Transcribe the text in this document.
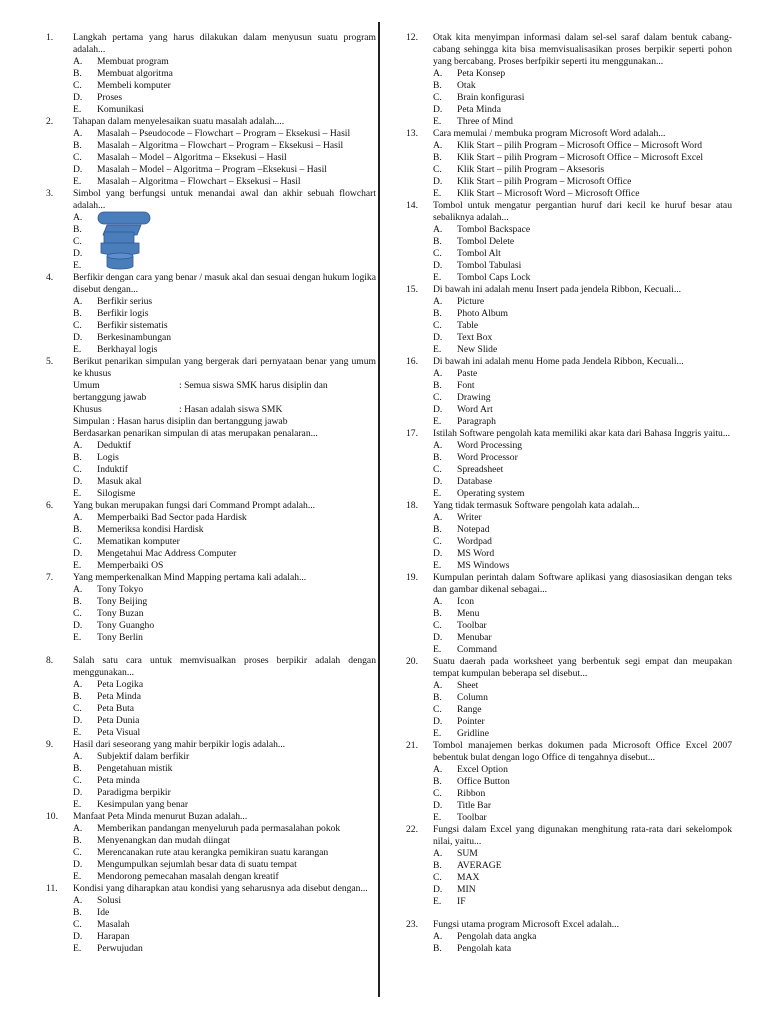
1. Langkah pertama yang harus dilakukan dalam menyusun suatu program adalah...
A. Membuat program
B. Membuat algoritma
C. Membeli komputer
D. Proses
E. Komunikasi
2. Tahapan dalam menyelesaikan suatu masalah adalah....
A. Masalah – Pseudocode – Flowchart – Program – Eksekusi – Hasil
B. Masalah – Algoritma – Flowchart – Program – Eksekusi – Hasil
C. Masalah – Model – Algoritma – Eksekusi – Hasil
D. Masalah – Model – Algoritma – Program –Eksekusi – Hasil
E. Masalah – Algoritma – Flowchart – Eksekusi – Hasil
3. Simbol yang berfungsi untuk menandai awal dan akhir sebuah flowchart adalah...
A.
B.
C.
D.
E.
4. Berfikir dengan cara yang benar / masuk akal dan sesuai dengan hukum logika disebut dengan...
A. Berfikir serius
B. Berfikir logis
C. Berfikir sistematis
D. Berkesinambungan
E. Berkhayal logis
5. Berikut penarikan simpulan yang bergerak dari pernyataan benar yang umum ke khusus
Umum	: Semua siswa SMK harus disiplin dan bertanggung jawab
Khusus	: Hasan adalah siswa SMK
Simpulan : Hasan harus disiplin dan bertanggung jawab
Berdasarkan penarikan simpulan di atas merupakan penalaran...
A. Deduktif
B. Logis
C. Induktif
D. Masuk akal
E. Silogisme
6. Yang bukan merupakan fungsi dari Command Prompt adalah...
A. Memperbaiki Bad Sector pada Hardisk
B. Memeriksa kondisi Hardisk
C. Mematikan komputer
D. Mengetahui Mac Address Computer
E. Memperbaiki OS
7. Yang memperkenalkan Mind Mapping pertama kali adalah...
A. Tony Tokyo
B. Tony Beijing
C. Tony Buzan
D. Tony Guangho
E. Tony Berlin
8. Salah satu cara untuk memvisualkan proses berpikir adalah dengan menggunakan...
A. Peta Logika
B. Peta Minda
C. Peta Buta
D. Peta Dunia
E. Peta Visual
9. Hasil dari seseorang yang mahir berpikir logis adalah...
A. Subjektif dalam berfikir
B. Pengetahuan mistik
C. Peta minda
D. Paradigma berpikir
E. Kesimpulan yang benar
10. Manfaat Peta Minda menurut Buzan adalah...
A. Memberikan pandangan menyeluruh pada permasalahan pokok
B. Menyenangkan dan mudah diingat
C. Merencanakan rute atau kerangka pemikiran suatu karangan
D. Mengumpulkan sejumlah besar data di suatu tempat
E. Mendorong pemecahan masalah dengan kreatif
11. Kondisi yang diharapkan atau kondisi yang seharusnya ada disebut dengan...
A. Solusi
B. Ide
C. Masalah
D. Harapan
E. Perwujudan
12. Otak kita menyimpan informasi dalam sel-sel saraf dalam bentuk cabang-cabang sehingga kita bisa memvisualisasikan proses berpikir seperti pohon yang bercabang. Proses berfpikir seperti itu menggunakan...
A. Peta Konsep
B. Otak
C. Brain konfigurasi
D. Peta Minda
E. Three of Mind
13. Cara memulai / membuka program Microsoft Word adalah...
A. Klik Start – pilih Program – Microsoft Office – Microsoft Word
B. Klik Start – pilih Program – Microsoft Office – Microsoft Excel
C. Klik Start – pilih Program – Aksesoris
D. Klik Start – pilih Program – Microsoft Office
E. Klik Start – Microsoft Word – Microsoft Office
14. Tombol untuk mengatur pergantian huruf dari kecil ke huruf besar atau sebaliknya adalah...
A. Tombol Backspace
B. Tombol Delete
C. Tombol Alt
D. Tombol Tabulasi
E. Tombol Caps Lock
15. Di bawah ini adalah menu Insert pada jendela Ribbon, Kecuali...
A. Picture
B. Photo Album
C. Table
D. Text Box
E. New Slide
16. Di bawah ini adalah menu Home pada Jendela Ribbon, Kecuali...
A. Paste
B. Font
C. Drawing
D. Word Art
E. Paragraph
17. Istilah Software pengolah kata memiliki akar kata dari Bahasa Inggris yaitu...
A. Word Processing
B. Word Processor
C. Spreadsheet
D. Database
E. Operating system
18. Yang tidak termasuk Software pengolah kata adalah...
A. Writer
B. Notepad
C. Wordpad
D. MS Word
E. MS Windows
19. Kumpulan perintah dalam Software aplikasi yang diasosiasikan dengan teks dan gambar dikenal sebagai...
A. Icon
B. Menu
C. Toolbar
D. Menubar
E. Command
20. Suatu daerah pada worksheet yang berbentuk segi empat dan meupakan tempat kumpulan beberapa sel disebut...
A. Sheet
B. Column
C. Range
D. Pointer
E. Gridline
21. Tombol manajemen berkas dokumen pada Microsoft Office Excel 2007 bebentuk bulat dengan logo Office di tengahnya disebut...
A. Excel Option
B. Office Button
C. Ribbon
D. Title Bar
E. Toolbar
22. Fungsi dalam Excel yang digunakan menghitung rata-rata dari sekelompok nilai, yaitu...
A. SUM
B. AVERAGE
C. MAX
D. MIN
E. IF
23. Fungsi utama program Microsoft Excel adalah...
A. Pengolah data angka
B. Pengolah kata
